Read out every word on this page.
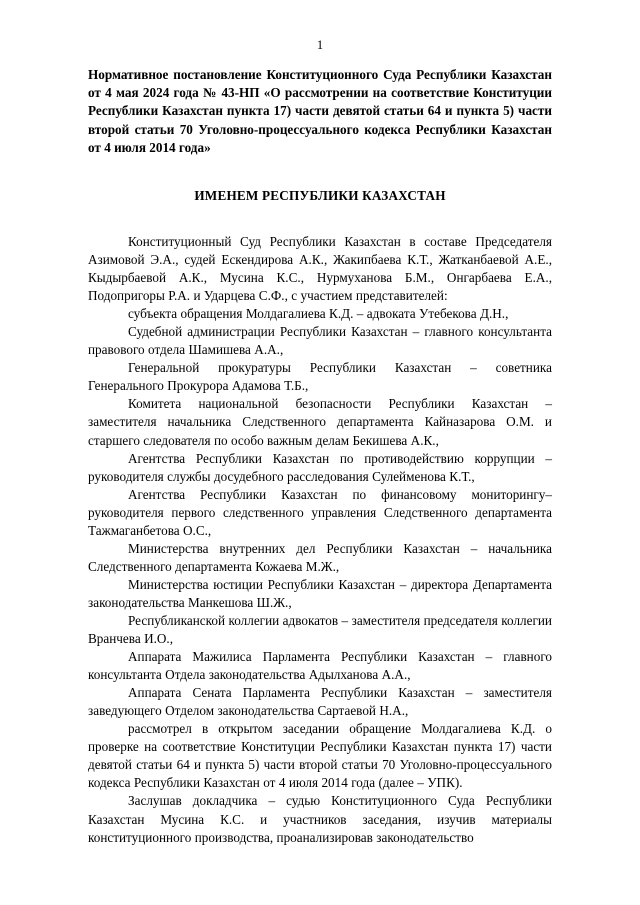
1
Нормативное постановление Конституционного Суда Республики Казахстан от 4 мая 2024 года № 43-НП «О рассмотрении на соответствие Конституции Республики Казахстан пункта 17) части девятой статьи 64 и пункта 5) части второй статьи 70 Уголовно-процессуального кодекса Республики Казахстан от 4 июля 2014 года»
ИМЕНЕМ РЕСПУБЛИКИ КАЗАХСТАН

Конституционный Суд Республики Казахстан в составе Председателя Азимовой Э.А., судей Ескендирова А.К., Жакипбаева К.Т., Жатканбаевой А.Е., Кыдырбаевой А.К., Мусина К.С., Нурмуханова Б.М., Онгарбаева Е.А., Подопригоры Р.А. и Ударцева С.Ф., с участием представителей:

субъекта обращения Молдагалиева К.Д. – адвоката Утебекова Д.Н.,

Судебной администрации Республики Казахстан – главного консультанта правового отдела Шамишева А.А.,

Генеральной прокуратуры Республики Казахстан – советника Генерального Прокурора Адамова Т.Б.,

Комитета национальной безопасности Республики Казахстан – заместителя начальника Следственного департамента Кайназарова О.М. и старшего следователя по особо важным делам Бекишева А.К.,

Агентства Республики Казахстан по противодействию коррупции – руководителя службы досудебного расследования Сулейменова К.Т.,

Агентства Республики Казахстан по финансовому мониторингу– руководителя первого следственного управления Следственного департамента Тажмаганбетова О.С.,

Министерства внутренних дел Республики Казахстан – начальника Следственного департамента Кожаева М.Ж.,

Министерства юстиции Республики Казахстан – директора Департамента законодательства Манкешова Ш.Ж.,

Республиканской коллегии адвокатов – заместителя председателя коллегии Вранчева И.О.,

Аппарата Мажилиса Парламента Республики Казахстан – главного консультанта Отдела законодательства Адылханова А.А.,

Аппарата Сената Парламента Республики Казахстан – заместителя заведующего Отделом законодательства Сартаевой Н.А.,

рассмотрел в открытом заседании обращение Молдагалиева К.Д. о проверке на соответствие Конституции Республики Казахстан пункта 17) части девятой статьи 64 и пункта 5) части второй статьи 70 Уголовно-процессуального кодекса Республики Казахстан от 4 июля 2014 года (далее – УПК).

Заслушав докладчика – судью Конституционного Суда Республики Казахстан Мусина К.С. и участников заседания, изучив материалы конституционного производства, проанализировав законодательство
